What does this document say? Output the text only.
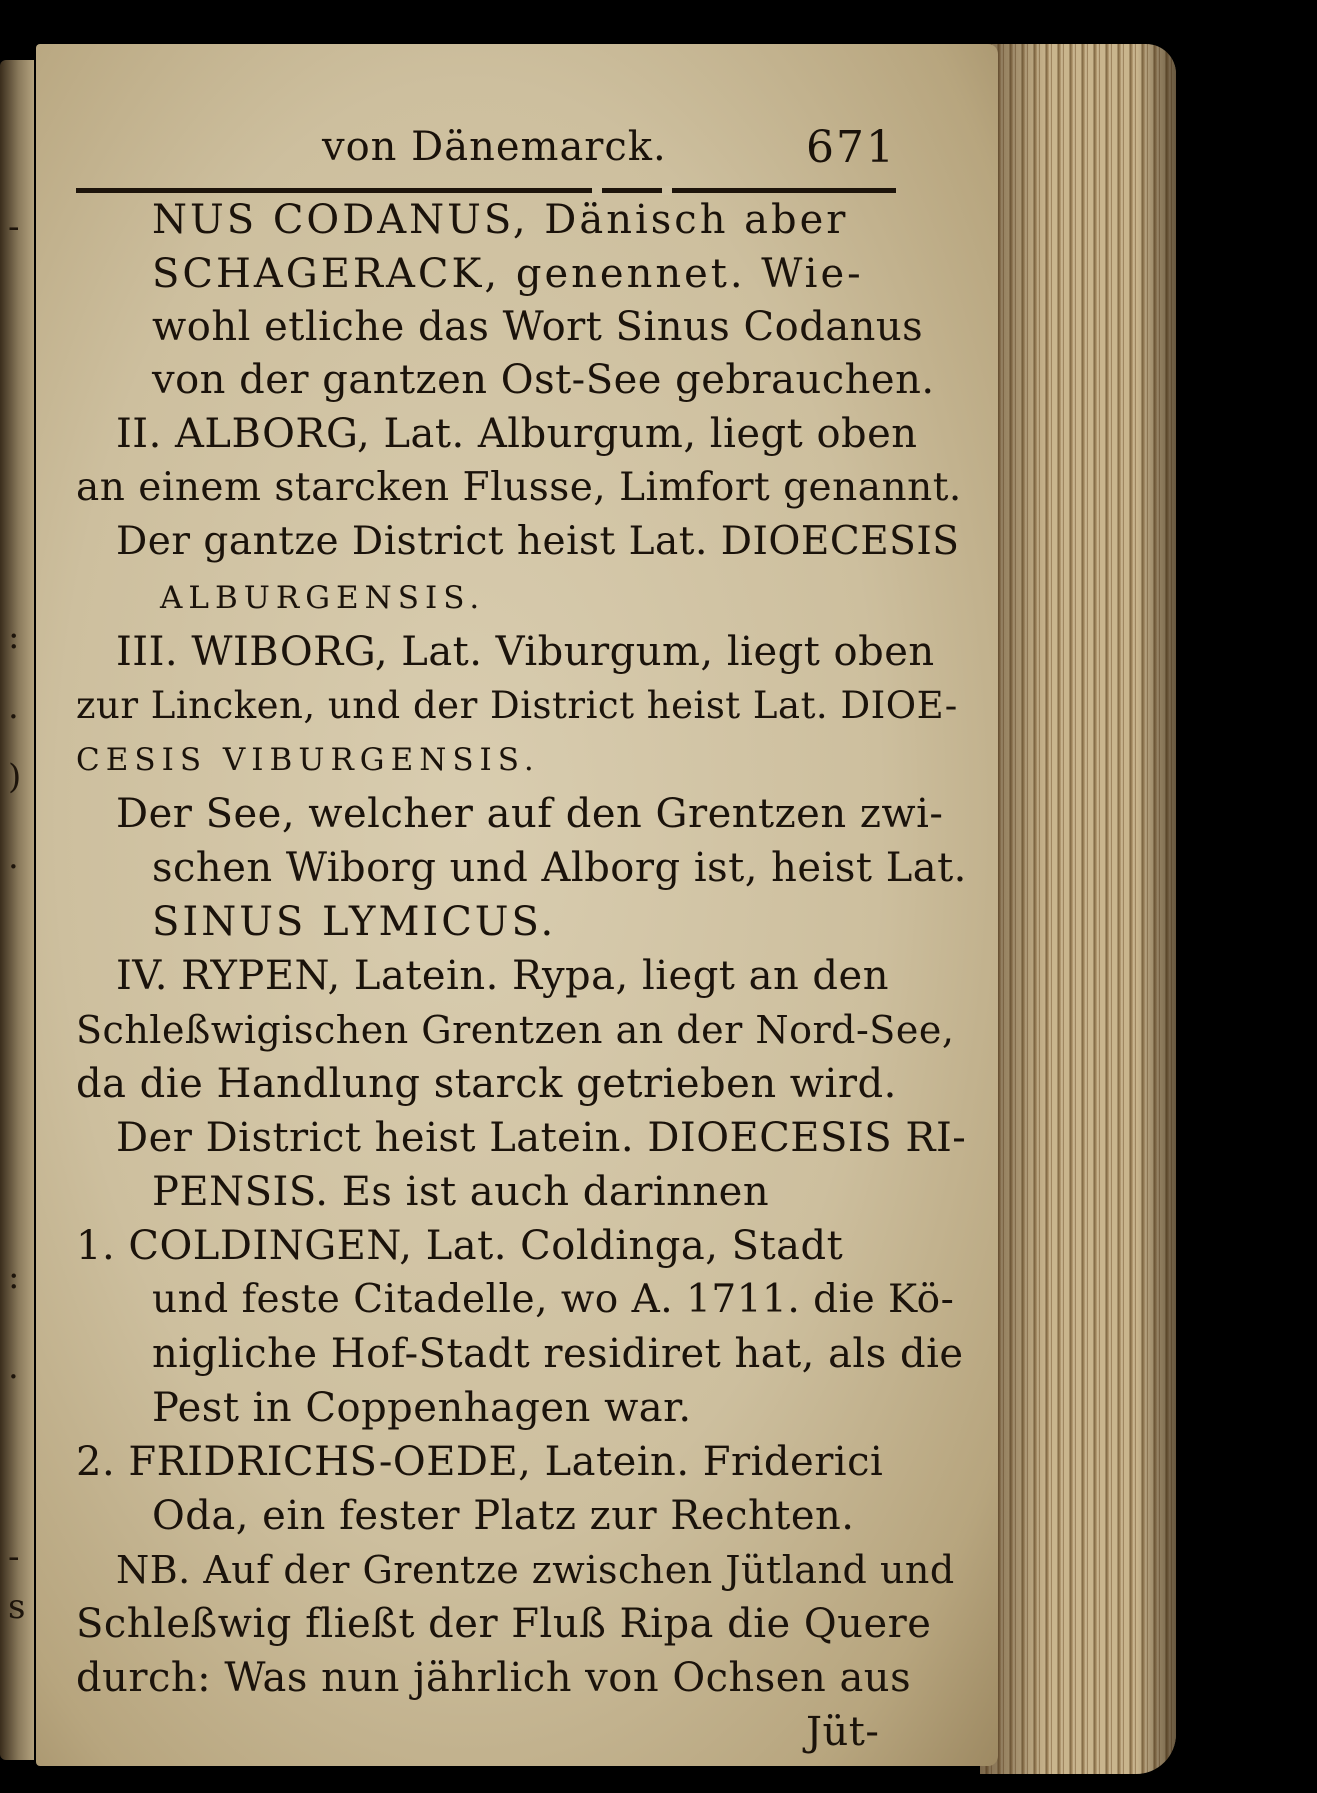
-
:
·
)
·
:
·
-
s
von Dänemarck.	671
NUS CODANUS, Dänisch aber
SCHAGERACK, genennet. Wie-
wohl etliche das Wort Sinus Codanus
von der gantzen Ost-See gebrauchen.
II. ALBORG, Lat. Alburgum, liegt oben
an einem starcken Flusse, Limfort genannt.
Der gantze District heist Lat. DIOECESIS
ALBURGENSIS.
III. WIBORG, Lat. Viburgum, liegt oben
zur Lincken, und der District heist Lat. DIOE-
CESIS VIBURGENSIS.
Der See, welcher auf den Grentzen zwi-
schen Wiborg und Alborg ist, heist Lat.
SINUS LYMICUS.
IV. RYPEN, Latein. Rypa, liegt an den
Schleßwigischen Grentzen an der Nord-See,
da die Handlung starck getrieben wird.
Der District heist Latein. DIOECESIS RI-
PENSIS. Es ist auch darinnen
1. COLDINGEN, Lat. Coldinga, Stadt
und feste Citadelle, wo A. 1711. die Kö-
nigliche Hof-Stadt residiret hat, als die
Pest in Coppenhagen war.
2. FRIDRICHS-OEDE, Latein. Friderici
Oda, ein fester Platz zur Rechten.
NB. Auf der Grentze zwischen Jütland und
Schleßwig fließt der Fluß Ripa die Quere
durch: Was nun jährlich von Ochsen aus
Jüt-
